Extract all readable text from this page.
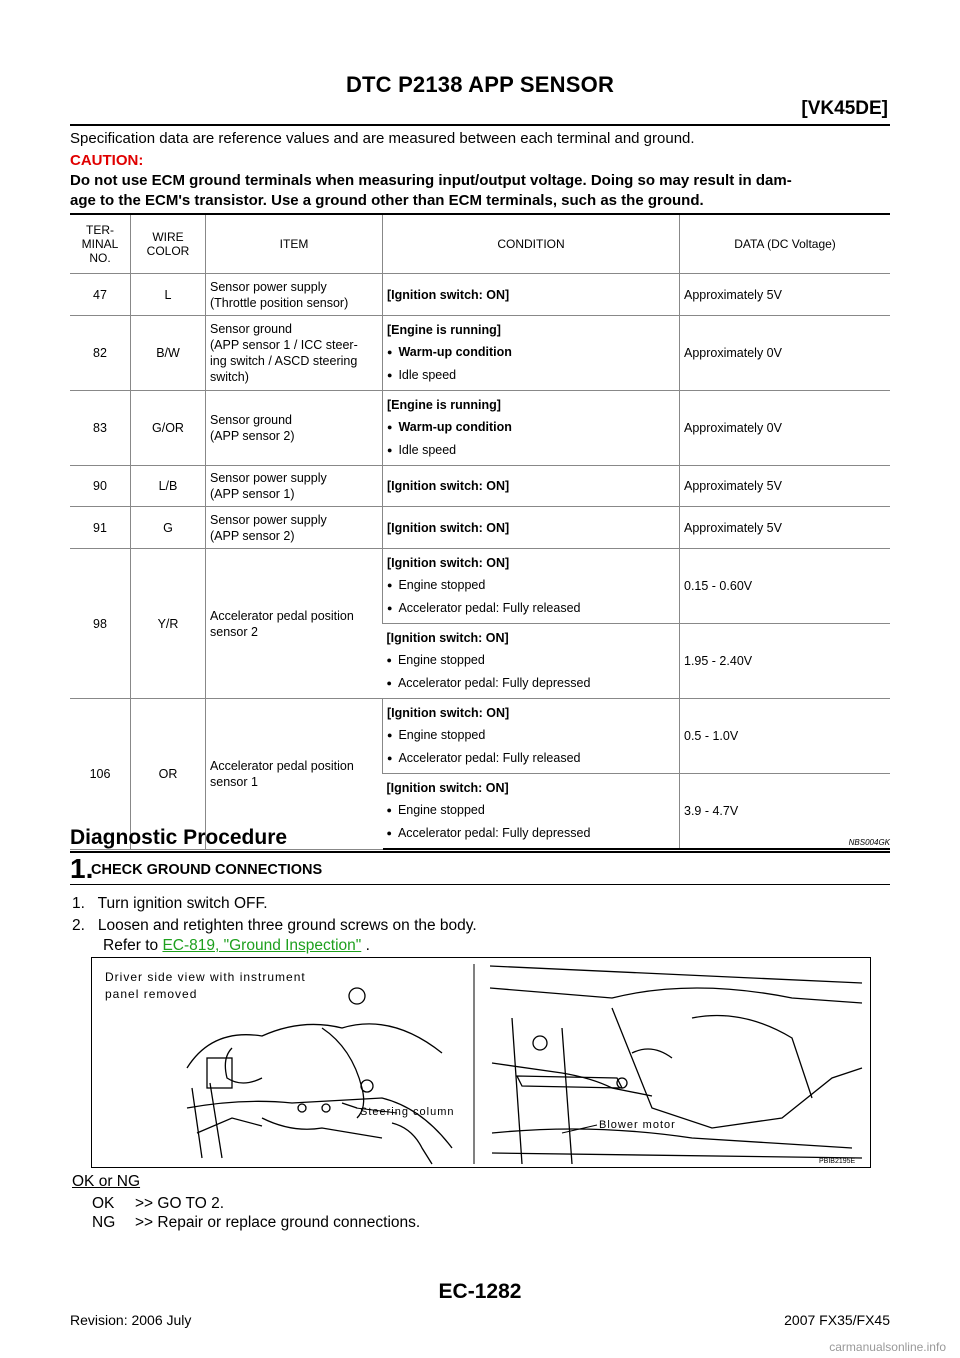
DTC P2138 APP SENSOR
[VK45DE]
Specification data are reference values and are measured between each terminal and ground.
CAUTION:
Do not use ECM ground terminals when measuring input/output voltage. Doing so may result in dam-
age to the ECM's transistor. Use a ground other than ECM terminals, such as the ground.
TER-
MINAL
NO.	WIRE
COLOR	ITEM	CONDITION	DATA (DC Voltage)
47	L	Sensor power supply
(Throttle position sensor)	[Ignition switch: ON]	Approximately 5V
82	B/W	Sensor ground
(APP sensor 1 / ICC steer-
ing switch / ASCD steering
switch)	[Engine is running]
● Warm-up condition
● Idle speed	Approximately 0V
83	G/OR	Sensor ground
(APP sensor 2)	[Engine is running]
● Warm-up condition
● Idle speed	Approximately 0V
90	L/B	Sensor power supply
(APP sensor 1)	[Ignition switch: ON]	Approximately 5V
91	G	Sensor power supply
(APP sensor 2)	[Ignition switch: ON]	Approximately 5V
98	Y/R	Accelerator pedal position
sensor 2	[Ignition switch: ON]
● Engine stopped
● Accelerator pedal: Fully released	0.15 - 0.60V
			[Ignition switch: ON]
● Engine stopped
● Accelerator pedal: Fully depressed	1.95 - 2.40V
106	OR	Accelerator pedal position
sensor 1	[Ignition switch: ON]
● Engine stopped
● Accelerator pedal: Fully released	0.5 - 1.0V
			[Ignition switch: ON]
● Engine stopped
● Accelerator pedal: Fully depressed	3.9 - 4.7V
Diagnostic Procedure	NBS004GK
1.
CHECK GROUND CONNECTIONS
1.   Turn ignition switch OFF.
2.   Loosen and retighten three ground screws on the body.
Refer to EC-819, "Ground Inspection" .
Driver side view with instrument
panel removed
Steering column
Blower motor
PBIB2195E
OK or NG
OK >> GO TO 2.
NG >> Repair or replace ground connections.
EC-1282
Revision: 2006 July	2007 FX35/FX45
carmanualsonline.info
